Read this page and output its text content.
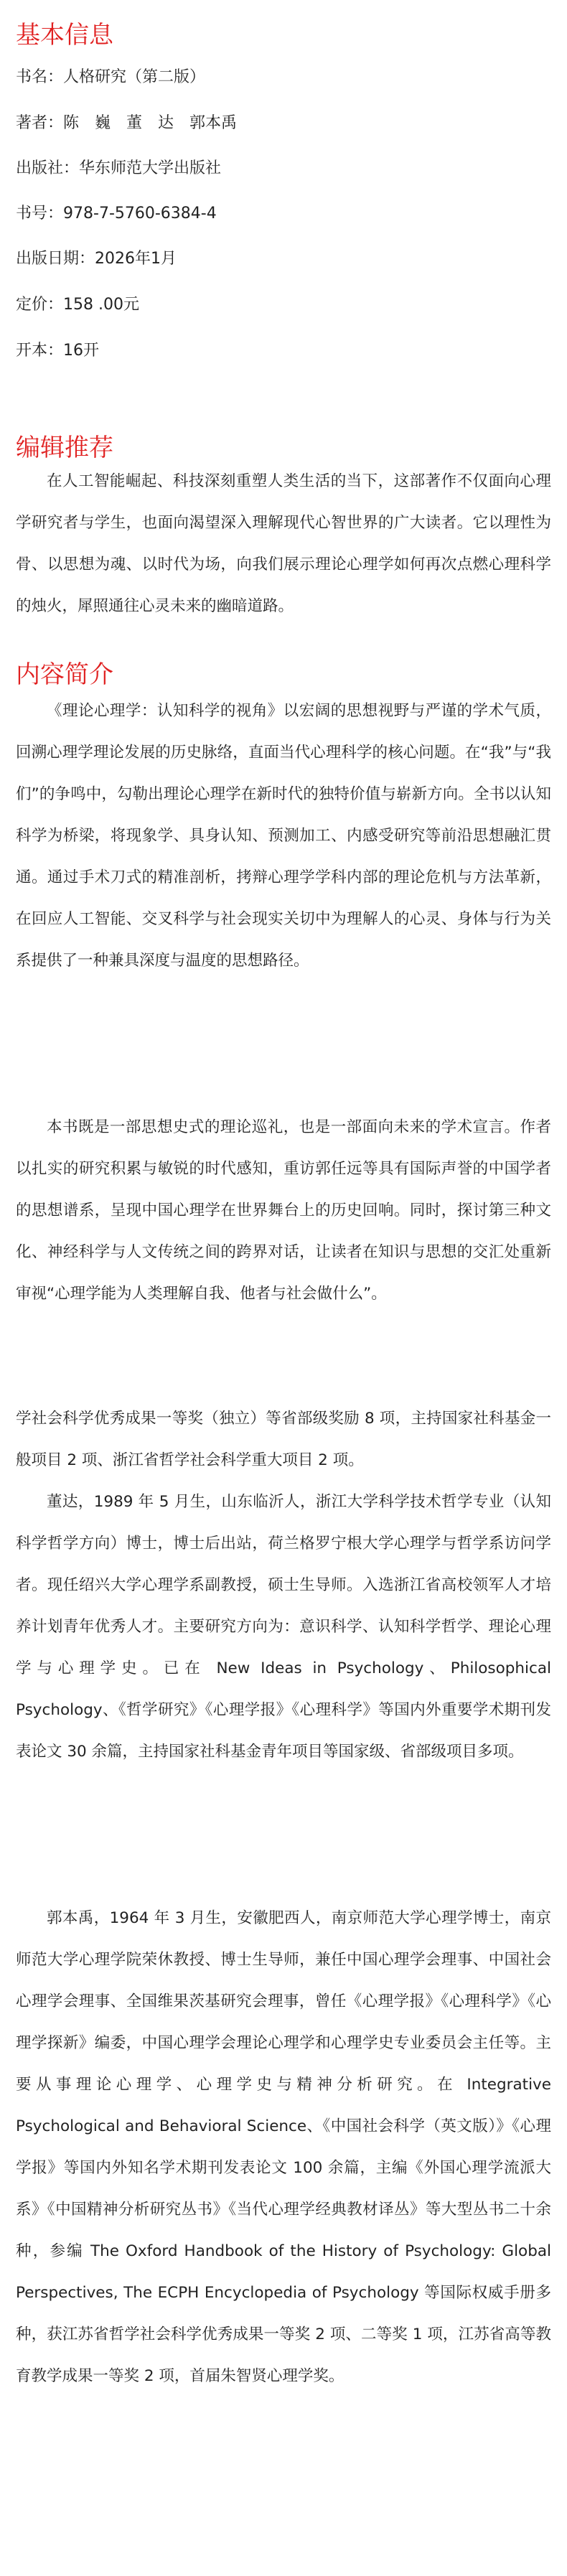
基本信息

书名：人格研究（第二版）

著者：陈　巍　董　达　郭本禹

出版社：华东师范大学出版社

书号：978-7-5760-6384-4

出版日期：2026年1月

定价：158 .00元

开本：16开

编辑推荐

在人工智能崛起、科技深刻重塑人类生活的当下，这部著作不仅面向心理学研究者与学生，也面向渴望深入理解现代心智世界的广大读者。它以理性为骨、以思想为魂、以时代为场，向我们展示理论心理学如何再次点燃心理科学的烛火，犀照通往心灵未来的幽暗道路。

内容简介

《理论心理学：认知科学的视角》以宏阔的思想视野与严谨的学术气质，回溯心理学理论发展的历史脉络，直面当代心理科学的核心问题。在“我”与“我们”的争鸣中，勾勒出理论心理学在新时代的独特价值与崭新方向。全书以认知科学为桥梁，将现象学、具身认知、预测加工、内感受研究等前沿思想融汇贯通。通过手术刀式的精准剖析，拷辩心理学学科内部的理论危机与方法革新，在回应人工智能、交叉科学与社会现实关切中为理解人的心灵、身体与行为关系提供了一种兼具深度与温度的思想路径。

本书既是一部思想史式的理论巡礼，也是一部面向未来的学术宣言。作者以扎实的研究积累与敏锐的时代感知，重访郭任远等具有国际声誉的中国学者的思想谱系，呈现中国心理学在世界舞台上的历史回响。同时，探讨第三种文化、神经科学与人文传统之间的跨界对话，让读者在知识与思想的交汇处重新审视“心理学能为人类理解自我、他者与社会做什么”。

学社会科学优秀成果一等奖（独立）等省部级奖励 8 项，主持国家社科基金一般项目 2 项、浙江省哲学社会科学重大项目 2 项。

董达，1989 年 5 月生，山东临沂人，浙江大学科学技术哲学专业（认知科学哲学方向）博士，博士后出站，荷兰格罗宁根大学心理学与哲学系访问学者。现任绍兴大学心理学系副教授，硕士生导师。入选浙江省高校领军人才培养计划青年优秀人才。主要研究方向为：意识科学、认知科学哲学、理论心理学与心理学史。已在 New Ideas in Psychology、Philosophical Psychology、《哲学研究》《心理学报》《心理科学》等国内外重要学术期刊发表论文 30 余篇，主持国家社科基金青年项目等国家级、省部级项目多项。

郭本禹，1964 年 3 月生，安徽肥西人，南京师范大学心理学博士，南京师范大学心理学院荣休教授、博士生导师，兼任中国心理学会理事、中国社会心理学会理事、全国维果茨基研究会理事，曾任《心理学报》《心理科学》《心理学探新》编委，中国心理学会理论心理学和心理学史专业委员会主任等。主要从事理论心理学、心理学史与精神分析研究。在 Integrative Psychological and Behavioral Science、《中国社会科学（英文版）》《心理学报》等国内外知名学术期刊发表论文 100 余篇，主编《外国心理学流派大系》《中国精神分析研究丛书》《当代心理学经典教材译丛》等大型丛书二十余种，参编 The Oxford Handbook of the History of Psychology: Global Perspectives, The ECPH Encyclopedia of Psychology 等国际权威手册多种，获江苏省哲学社会科学优秀成果一等奖 2 项、二等奖 1 项，江苏省高等教育教学成果一等奖 2 项，首届朱智贤心理学奖。
